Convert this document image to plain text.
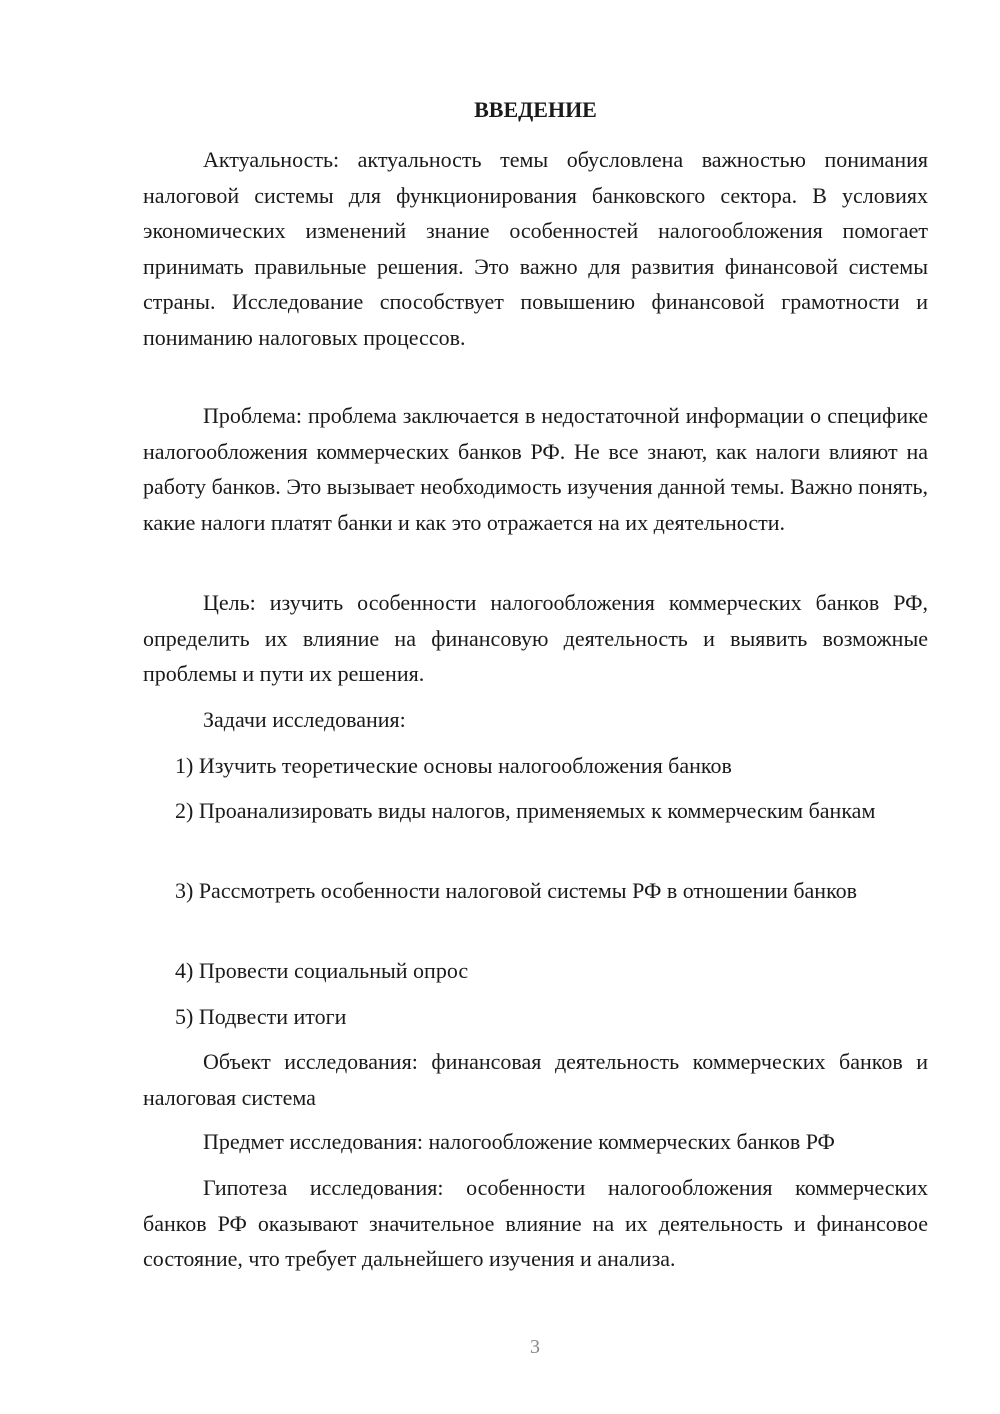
ВВЕДЕНИЕ

Актуальность: актуальность темы обусловлена важностью понимания налоговой системы для функционирования банковского сектора. В условиях экономических изменений знание особенностей налогообложения помогает принимать правильные решения. Это важно для развития финансовой системы страны. Исследование способствует повышению финансовой грамотности и пониманию налоговых процессов.

Проблема: проблема заключается в недостаточной информации о специфике налогообложения коммерческих банков РФ. Не все знают, как налоги влияют на работу банков. Это вызывает необходимость изучения данной темы. Важно понять, какие налоги платят банки и как это отражается на их деятельности.

Цель: изучить особенности налогообложения коммерческих банков РФ, определить их влияние на финансовую деятельность и выявить возможные проблемы и пути их решения.

Задачи исследования:

1) Изучить теоретические основы налогообложения банков

2) Проанализировать виды налогов, применяемых к коммерческим банкам

3) Рассмотреть особенности налоговой системы РФ в отношении банков

4) Провести социальный опрос

5) Подвести итоги

Объект исследования: финансовая деятельность коммерческих банков и налоговая система

Предмет исследования: налогообложение коммерческих банков РФ

Гипотеза исследования: особенности налогообложения коммерческих банков РФ оказывают значительное влияние на их деятельность и финансовое состояние, что требует дальнейшего изучения и анализа.

3
